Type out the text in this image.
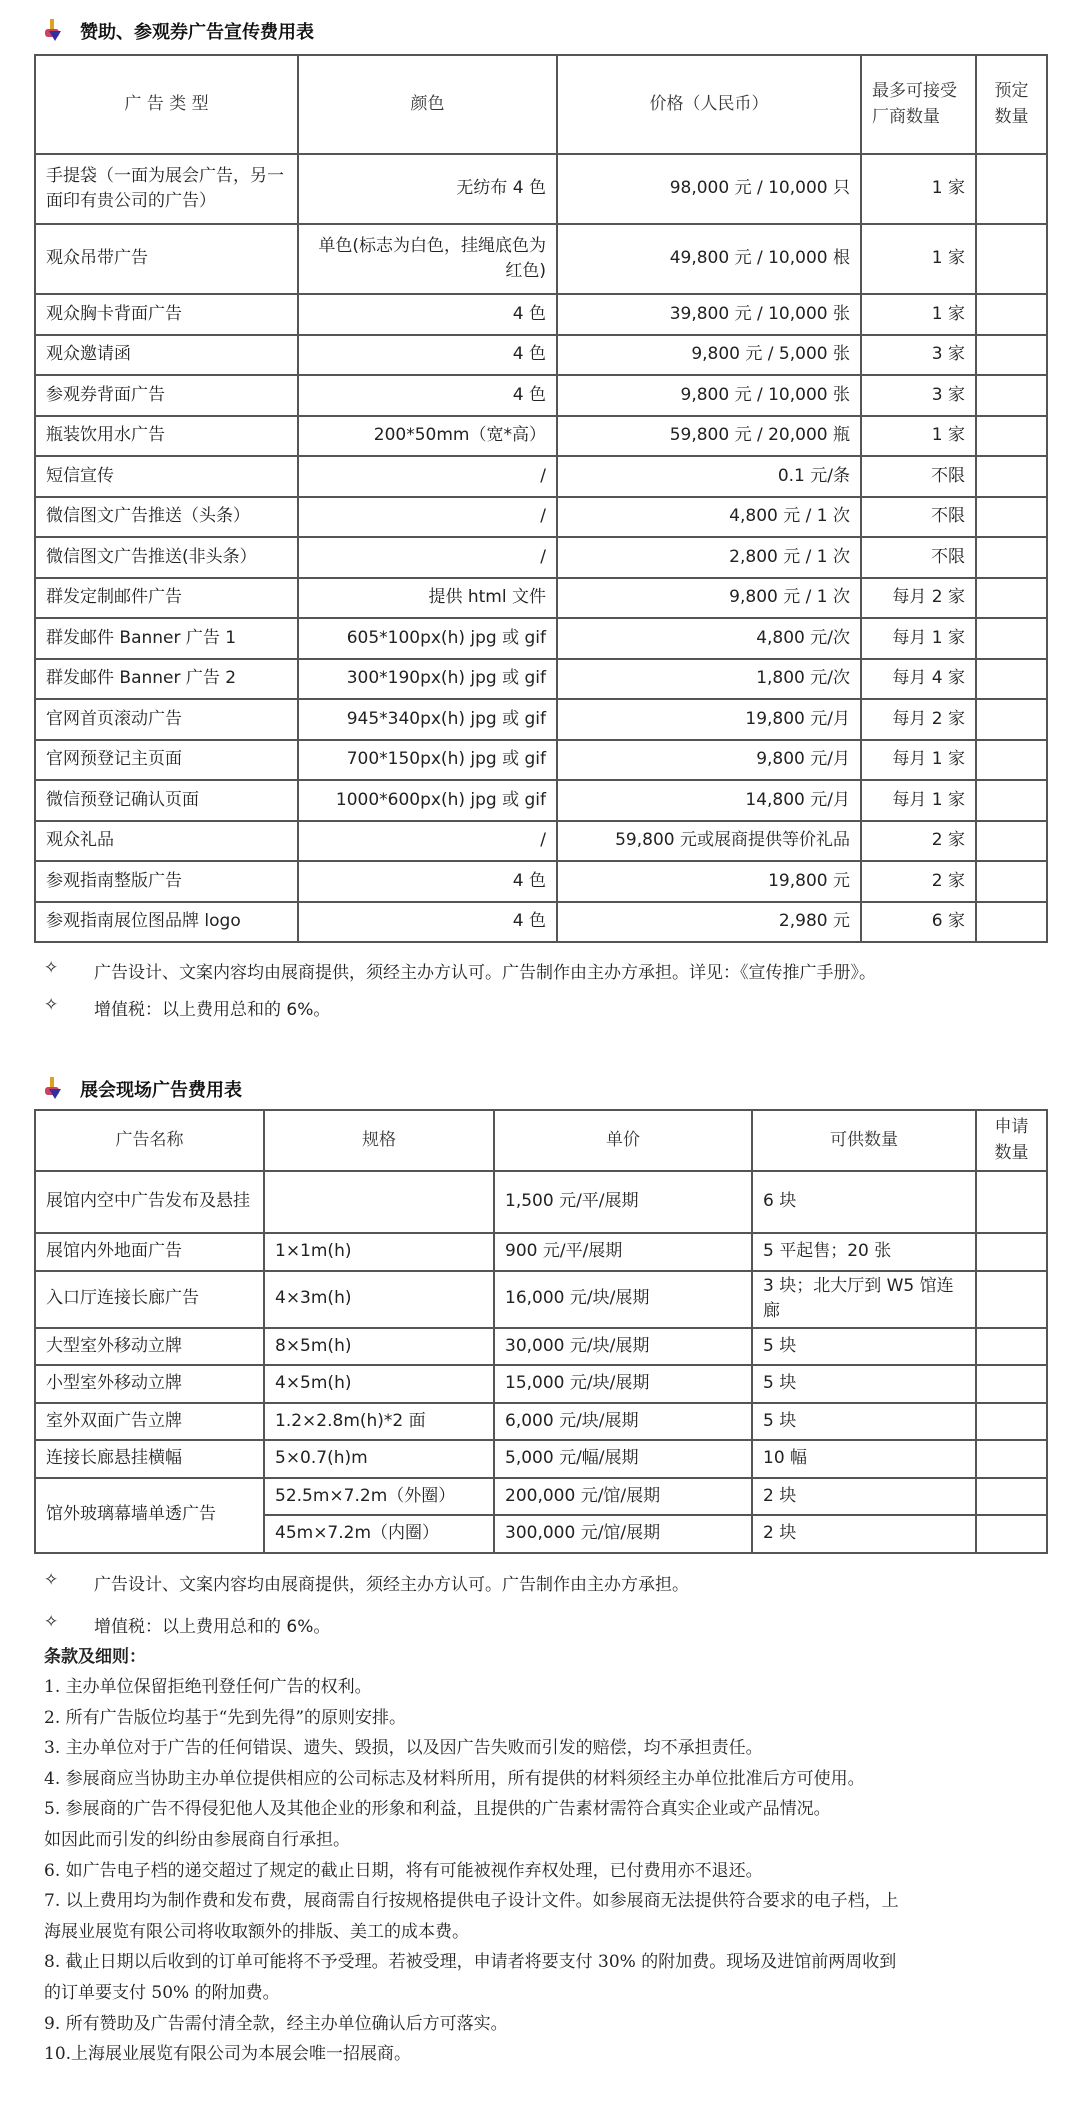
赞助、参观券广告宣传费用表
广 告 类 型	颜色	价格（人民币）	最多可接受厂商数量	预定数量
手提袋（一面为展会广告，另一面印有贵公司的广告）	无纺布 4 色	98,000 元 / 10,000 只	1 家	
观众吊带广告	单色(标志为白色，挂绳底色为红色)	49,800 元 / 10,000 根	1 家	
观众胸卡背面广告	4 色	39,800 元 / 10,000 张	1 家	
观众邀请函	4 色	9,800 元 / 5,000 张	3 家	
参观券背面广告	4 色	9,800 元 / 10,000 张	3 家	
瓶装饮用水广告	200*50mm（宽*高）	59,800 元 / 20,000 瓶	1 家	
短信宣传	/	0.1 元/条	不限	
微信图文广告推送（头条）	/	4,800 元 / 1 次	不限	
微信图文广告推送(非头条）	/	2,800 元 / 1 次	不限	
群发定制邮件广告	提供 html 文件	9,800 元 / 1 次	每月 2 家	
群发邮件 Banner 广告 1	605*100px(h) jpg 或 gif	4,800 元/次	每月 1 家	
群发邮件 Banner 广告 2	300*190px(h) jpg 或 gif	1,800 元/次	每月 4 家	
官网首页滚动广告	945*340px(h) jpg 或 gif	19,800 元/月	每月 2 家	
官网预登记主页面	700*150px(h) jpg 或 gif	9,800 元/月	每月 1 家	
微信预登记确认页面	1000*600px(h) jpg 或 gif	14,800 元/月	每月 1 家	
观众礼品	/	59,800 元或展商提供等价礼品	2 家	
参观指南整版广告	4 色	19,800 元	2 家	
参观指南展位图品牌 logo	4 色	2,980 元	6 家	
✧	广告设计、文案内容均由展商提供，须经主办方认可。广告制作由主办方承担。详见：《宣传推广手册》。
✧	增值税：以上费用总和的 6%。
展会现场广告费用表
广告名称	规格	单价	可供数量	申请数量
展馆内空中广告发布及悬挂		1,500 元/平/展期	6 块	
展馆内外地面广告	1×1m(h)	900 元/平/展期	5 平起售；20 张	
入口厅连接长廊广告	4×3m(h)	16,000 元/块/展期	3 块；北大厅到 W5 馆连廊	
大型室外移动立牌	8×5m(h)	30,000 元/块/展期	5 块	
小型室外移动立牌	4×5m(h)	15,000 元/块/展期	5 块	
室外双面广告立牌	1.2×2.8m(h)*2 面	6,000 元/块/展期	5 块	
连接长廊悬挂横幅	5×0.7(h)m	5,000 元/幅/展期	10 幅	
馆外玻璃幕墙单透广告	52.5m×7.2m（外圈）	200,000 元/馆/展期	2 块	
	45m×7.2m（内圈）	300,000 元/馆/展期	2 块	
✧	广告设计、文案内容均由展商提供，须经主办方认可。广告制作由主办方承担。
✧	增值税：以上费用总和的 6%。
条款及细则：
1. 主办单位保留拒绝刊登任何广告的权利。
2. 所有广告版位均基于“先到先得”的原则安排。
3. 主办单位对于广告的任何错误、遗失、毁损，以及因广告失败而引发的赔偿，均不承担责任。
4. 参展商应当协助主办单位提供相应的公司标志及材料所用，所有提供的材料须经主办单位批准后方可使用。
5. 参展商的广告不得侵犯他人及其他企业的形象和利益，且提供的广告素材需符合真实企业或产品情况。
如因此而引发的纠纷由参展商自行承担。
6. 如广告电子档的递交超过了规定的截止日期，将有可能被视作弃权处理，已付费用亦不退还。
7. 以上费用均为制作费和发布费，展商需自行按规格提供电子设计文件。如参展商无法提供符合要求的电子档，上
海展业展览有限公司将收取额外的排版、美工的成本费。
8. 截止日期以后收到的订单可能将不予受理。若被受理，申请者将要支付 30% 的附加费。现场及进馆前两周收到
的订单要支付 50% 的附加费。
9. 所有赞助及广告需付清全款，经主办单位确认后方可落实。
10.上海展业展览有限公司为本展会唯一招展商。
